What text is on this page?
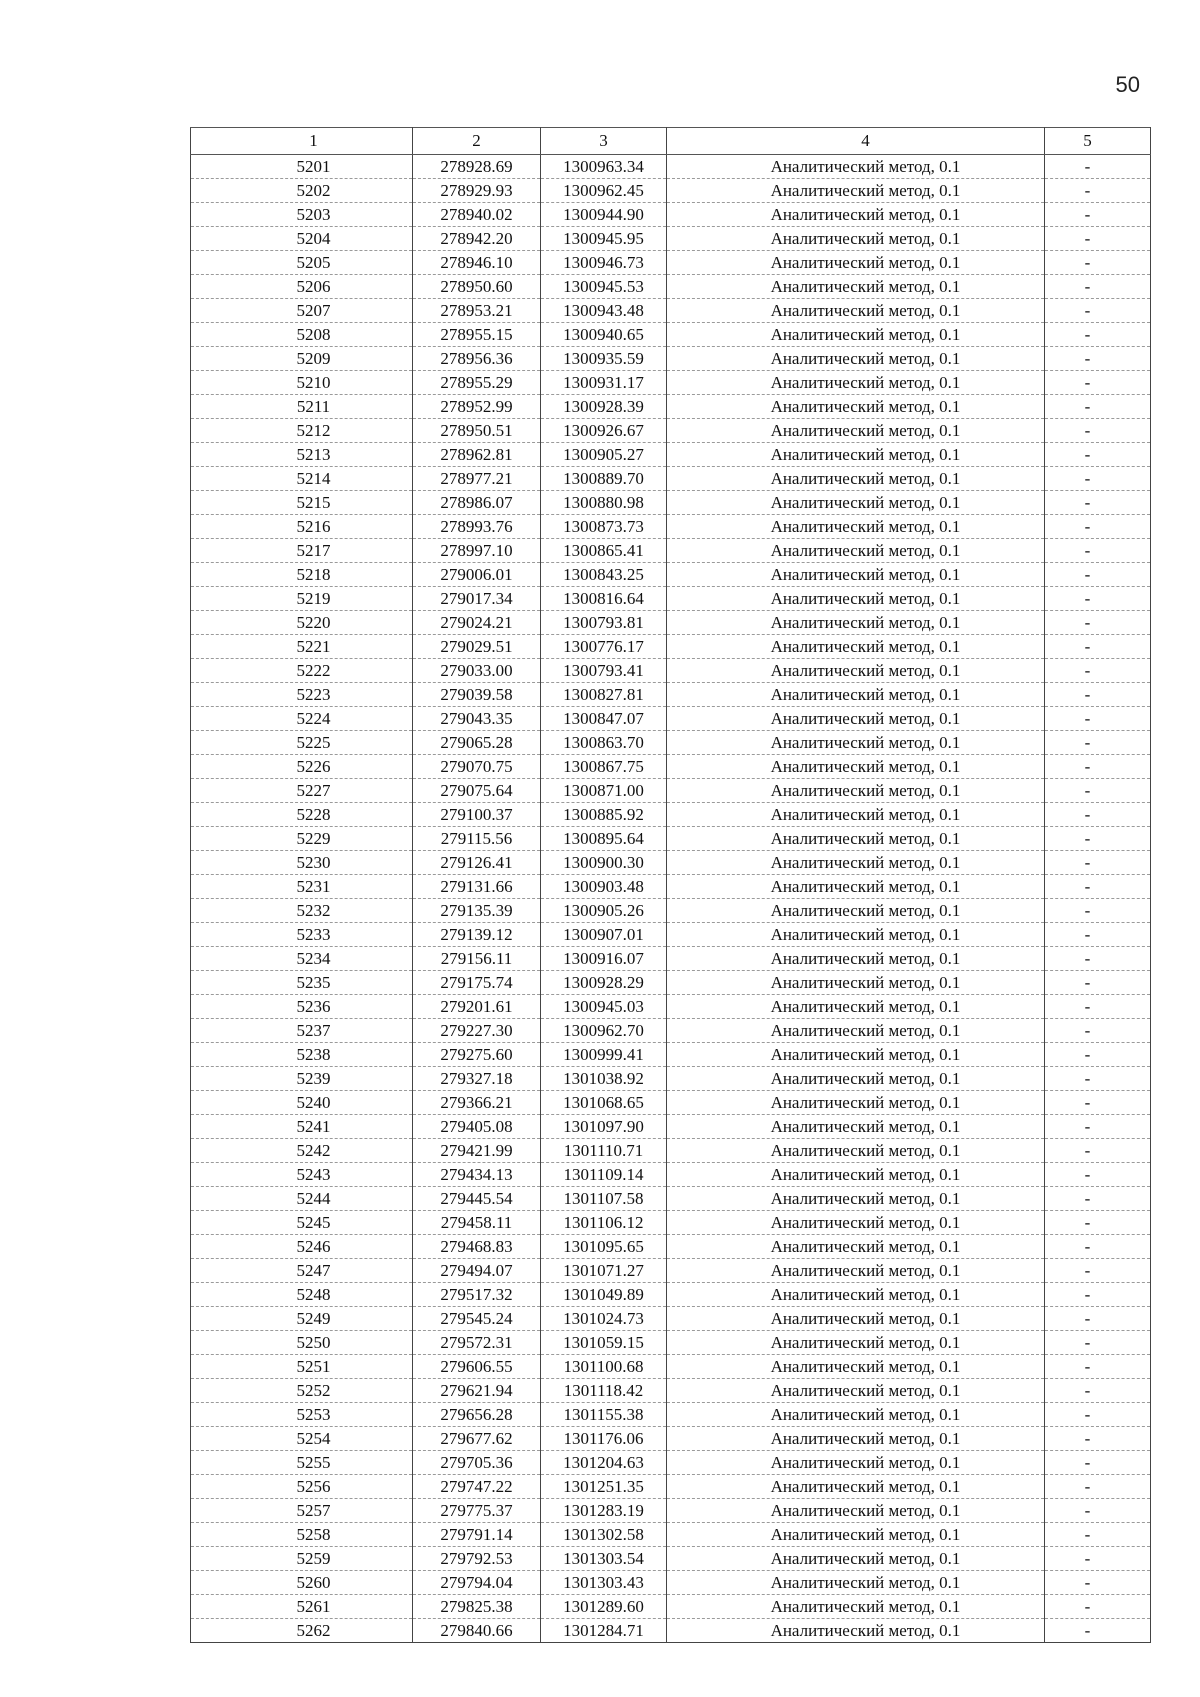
50
1	2	3	4	5
5201	278928.69	1300963.34	Аналитический метод, 0.1	-
5202	278929.93	1300962.45	Аналитический метод, 0.1	-
5203	278940.02	1300944.90	Аналитический метод, 0.1	-
5204	278942.20	1300945.95	Аналитический метод, 0.1	-
5205	278946.10	1300946.73	Аналитический метод, 0.1	-
5206	278950.60	1300945.53	Аналитический метод, 0.1	-
5207	278953.21	1300943.48	Аналитический метод, 0.1	-
5208	278955.15	1300940.65	Аналитический метод, 0.1	-
5209	278956.36	1300935.59	Аналитический метод, 0.1	-
5210	278955.29	1300931.17	Аналитический метод, 0.1	-
5211	278952.99	1300928.39	Аналитический метод, 0.1	-
5212	278950.51	1300926.67	Аналитический метод, 0.1	-
5213	278962.81	1300905.27	Аналитический метод, 0.1	-
5214	278977.21	1300889.70	Аналитический метод, 0.1	-
5215	278986.07	1300880.98	Аналитический метод, 0.1	-
5216	278993.76	1300873.73	Аналитический метод, 0.1	-
5217	278997.10	1300865.41	Аналитический метод, 0.1	-
5218	279006.01	1300843.25	Аналитический метод, 0.1	-
5219	279017.34	1300816.64	Аналитический метод, 0.1	-
5220	279024.21	1300793.81	Аналитический метод, 0.1	-
5221	279029.51	1300776.17	Аналитический метод, 0.1	-
5222	279033.00	1300793.41	Аналитический метод, 0.1	-
5223	279039.58	1300827.81	Аналитический метод, 0.1	-
5224	279043.35	1300847.07	Аналитический метод, 0.1	-
5225	279065.28	1300863.70	Аналитический метод, 0.1	-
5226	279070.75	1300867.75	Аналитический метод, 0.1	-
5227	279075.64	1300871.00	Аналитический метод, 0.1	-
5228	279100.37	1300885.92	Аналитический метод, 0.1	-
5229	279115.56	1300895.64	Аналитический метод, 0.1	-
5230	279126.41	1300900.30	Аналитический метод, 0.1	-
5231	279131.66	1300903.48	Аналитический метод, 0.1	-
5232	279135.39	1300905.26	Аналитический метод, 0.1	-
5233	279139.12	1300907.01	Аналитический метод, 0.1	-
5234	279156.11	1300916.07	Аналитический метод, 0.1	-
5235	279175.74	1300928.29	Аналитический метод, 0.1	-
5236	279201.61	1300945.03	Аналитический метод, 0.1	-
5237	279227.30	1300962.70	Аналитический метод, 0.1	-
5238	279275.60	1300999.41	Аналитический метод, 0.1	-
5239	279327.18	1301038.92	Аналитический метод, 0.1	-
5240	279366.21	1301068.65	Аналитический метод, 0.1	-
5241	279405.08	1301097.90	Аналитический метод, 0.1	-
5242	279421.99	1301110.71	Аналитический метод, 0.1	-
5243	279434.13	1301109.14	Аналитический метод, 0.1	-
5244	279445.54	1301107.58	Аналитический метод, 0.1	-
5245	279458.11	1301106.12	Аналитический метод, 0.1	-
5246	279468.83	1301095.65	Аналитический метод, 0.1	-
5247	279494.07	1301071.27	Аналитический метод, 0.1	-
5248	279517.32	1301049.89	Аналитический метод, 0.1	-
5249	279545.24	1301024.73	Аналитический метод, 0.1	-
5250	279572.31	1301059.15	Аналитический метод, 0.1	-
5251	279606.55	1301100.68	Аналитический метод, 0.1	-
5252	279621.94	1301118.42	Аналитический метод, 0.1	-
5253	279656.28	1301155.38	Аналитический метод, 0.1	-
5254	279677.62	1301176.06	Аналитический метод, 0.1	-
5255	279705.36	1301204.63	Аналитический метод, 0.1	-
5256	279747.22	1301251.35	Аналитический метод, 0.1	-
5257	279775.37	1301283.19	Аналитический метод, 0.1	-
5258	279791.14	1301302.58	Аналитический метод, 0.1	-
5259	279792.53	1301303.54	Аналитический метод, 0.1	-
5260	279794.04	1301303.43	Аналитический метод, 0.1	-
5261	279825.38	1301289.60	Аналитический метод, 0.1	-
5262	279840.66	1301284.71	Аналитический метод, 0.1	-
